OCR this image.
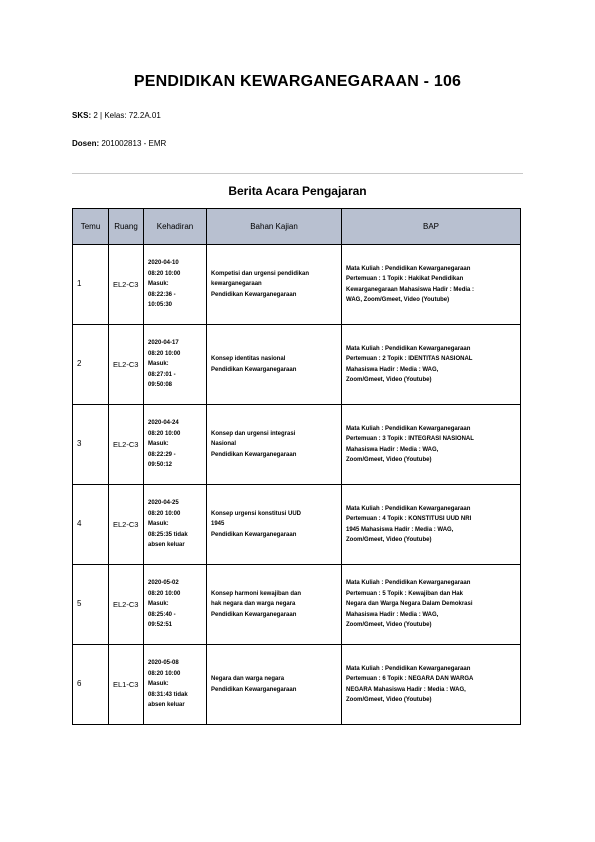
PENDIDIKAN KEWARGANEGARAAN - 106
SKS: 2 | Kelas: 72.2A.01
Dosen: 201002813 - EMR
Berita Acara Pengajaran
Temu	Ruang	Kehadiran	Bahan Kajian	BAP
1	EL2-C3	2020-04-10
08:20 10:00
Masuk:
08:22:36 -
10:05:30	Kompetisi dan urgensi pendidikan
kewarganegaraan
Pendidikan Kewarganegaraan	Mata Kuliah : Pendidikan Kewarganegaraan
Pertemuan : 1 Topik : Hakikat Pendidikan
Kewarganegaraan Mahasiswa Hadir : Media :
WAG, Zoom/Gmeet, Video (Youtube)

2	EL2-C3	2020-04-17
08:20 10:00
Masuk:
08:27:01 -
09:50:08	Konsep identitas nasional
Pendidikan Kewarganegaraan	Mata Kuliah : Pendidikan Kewarganegaraan
Pertemuan : 2 Topik : IDENTITAS NASIONAL
Mahasiswa Hadir : Media : WAG,
Zoom/Gmeet, Video (Youtube)

3	EL2-C3	2020-04-24
08:20 10:00
Masuk:
08:22:29 -
09:50:12	Konsep dan urgensi integrasi
Nasional
Pendidikan Kewarganegaraan	Mata Kuliah : Pendidikan Kewarganegaraan
Pertemuan : 3 Topik : INTEGRASI NASIONAL
Mahasiswa Hadir : Media : WAG,
Zoom/Gmeet, Video (Youtube)

4	EL2-C3	2020-04-25
08:20 10:00
Masuk:
08:25:35 tidak
absen keluar	Konsep urgensi konstitusi UUD
1945
Pendidikan Kewarganegaraan	Mata Kuliah : Pendidikan Kewarganegaraan
Pertemuan : 4 Topik : KONSTITUSI UUD NRI
1945 Mahasiswa Hadir : Media : WAG,
Zoom/Gmeet, Video (Youtube)

5	EL2-C3	2020-05-02
08:20 10:00
Masuk:
08:25:40 -
09:52:51	Konsep harmoni kewajiban dan
hak negara dan warga negara
Pendidikan Kewarganegaraan	Mata Kuliah : Pendidikan Kewarganegaraan
Pertemuan : 5 Topik : Kewajiban dan Hak
Negara dan Warga Negara Dalam Demokrasi
Mahasiswa Hadir : Media : WAG,
Zoom/Gmeet, Video (Youtube)

6	EL1-C3	2020-05-08
08:20 10:00
Masuk:
08:31:43 tidak
absen keluar	Negara dan warga negara
Pendidikan Kewarganegaraan	Mata Kuliah : Pendidikan Kewarganegaraan
Pertemuan : 6 Topik : NEGARA DAN WARGA
NEGARA Mahasiswa Hadir : Media : WAG,
Zoom/Gmeet, Video (Youtube)
